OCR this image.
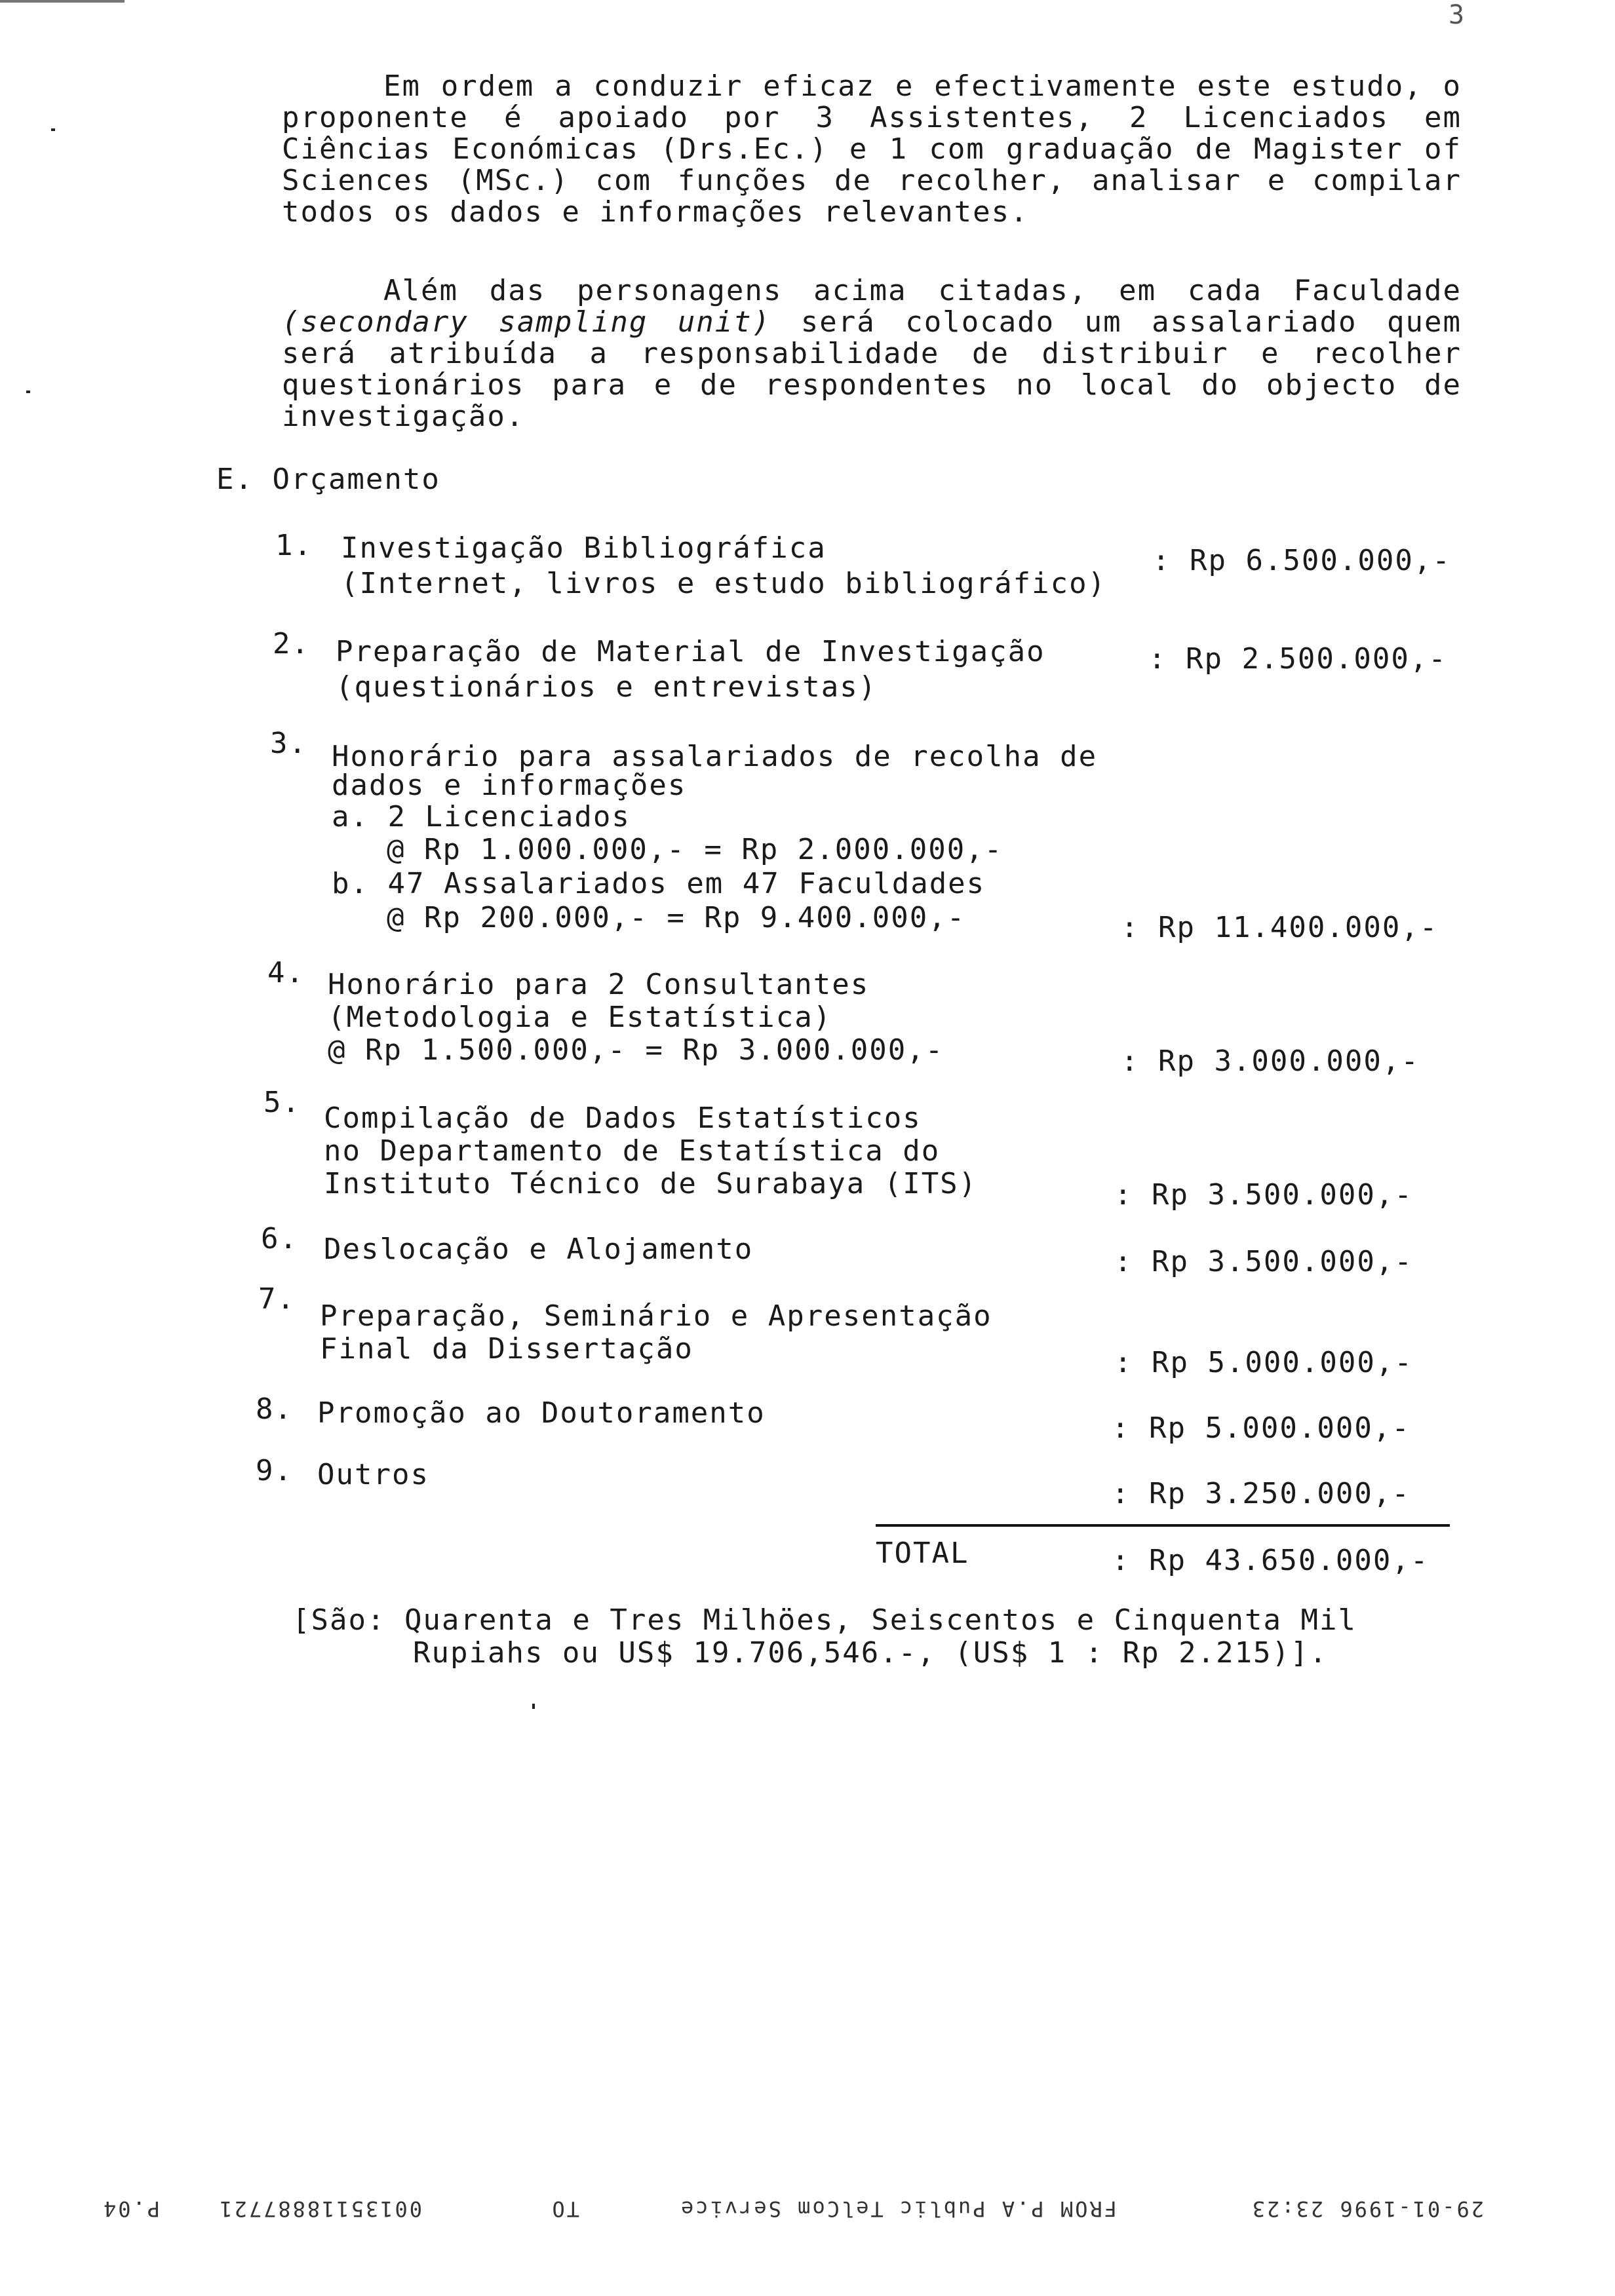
3

Em ordem a conduzir eficaz e efectivamente este estudo, o proponente é apoiado por 3 Assistentes, 2 Licenciados em Ciências Económicas (Drs.Ec.) e 1 com graduação de Magister of Sciences (MSc.) com funções de recolher, analisar e compilar todos os dados e informações relevantes.

Além das personagens acima citadas, em cada Faculdade (secondary sampling unit) será colocado um assalariado quem será atribuída a responsabilidade de distribuir e recolher questionários para e de respondentes no local do objecto de investigação.

E. Orçamento
1. Investigação Bibliográfica
(Internet, livros e estudo bibliográfico)
: Rp 6.500.000,-
2. Preparação de Material de Investigação
(questionários e entrevistas)
: Rp 2.500.000,-
3. Honorário para assalariados de recolha de
dados e informações
a. 2 Licenciados
@ Rp 1.000.000,- = Rp 2.000.000,-
b. 47 Assalariados em 47 Faculdades
@ Rp 200.000,- = Rp 9.400.000,-	: Rp 11.400.000,-
4. Honorário para 2 Consultantes
(Metodologia e Estatística)
@ Rp 1.500.000,- = Rp 3.000.000,-	: Rp 3.000.000,-
5. Compilação de Dados Estatísticos
no Departamento de Estatística do
Instituto Técnico de Surabaya (ITS)	: Rp 3.500.000,-
6. Deslocação e Alojamento	: Rp 3.500.000,-
7.
Preparação, Seminário e Apresentação
Final da Dissertação	: Rp 5.000.000,-
8. Promoção ao Doutoramento	: Rp 5.000.000,-
9. Outros
: Rp 3.250.000,-
TOTAL	: Rp 43.650.000,-
[São: Quarenta e Tres Milhöes, Seiscentos e Cinquenta Mil
Rupiahs ou US$ 19.706,546.-, (US$ 1 : Rp 2.215)].
29-01-1996 23:23
FROM P.A Public TelCom Service
TO
00135118887721
P.04
